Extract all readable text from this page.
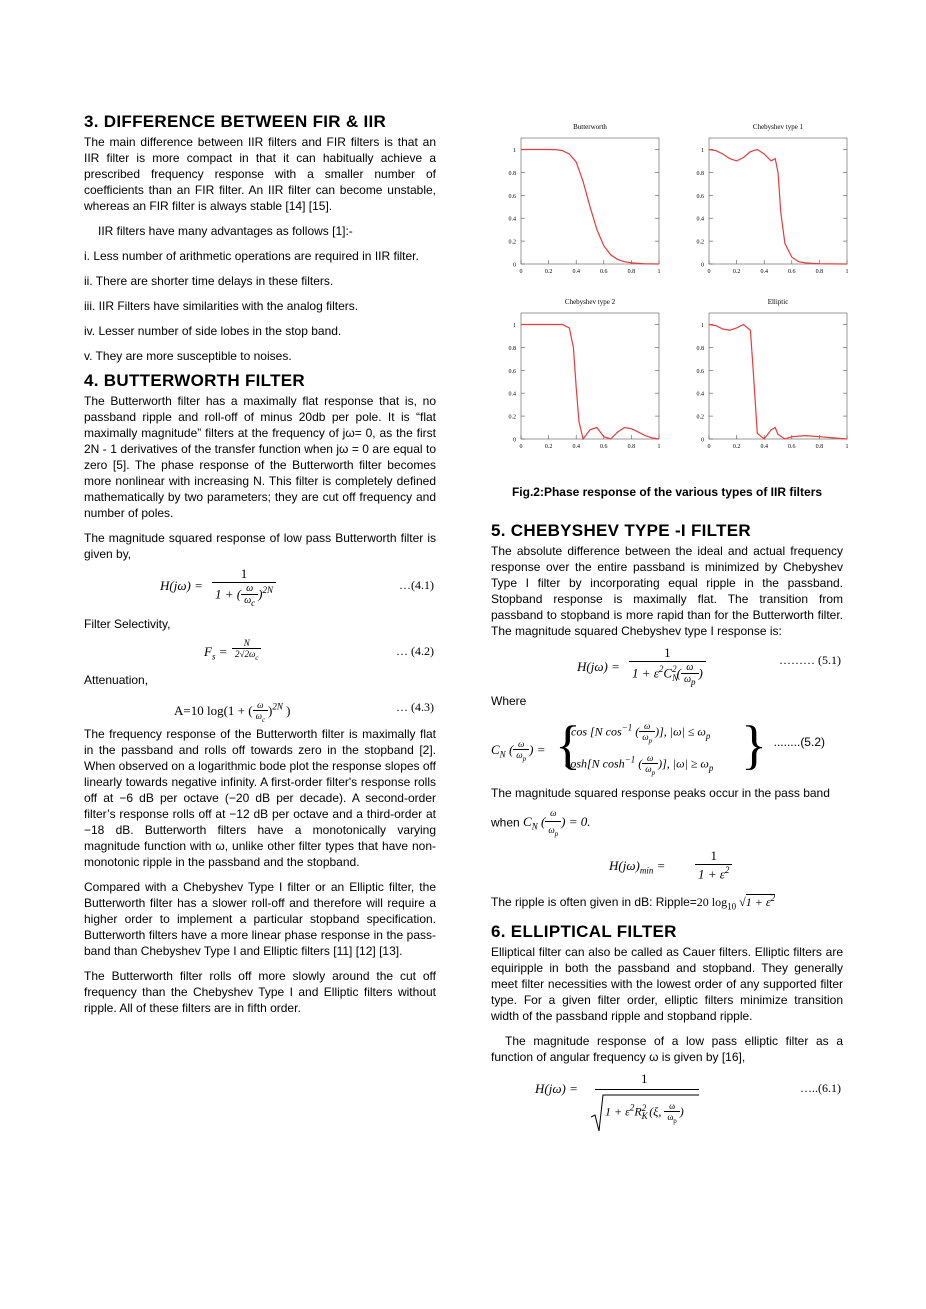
3. DIFFERENCE BETWEEN FIR & IIR

The main difference between IIR filters and FIR filters is that an IIR filter is more compact in that it can habitually achieve a prescribed frequency response with a smaller number of coefficients than an FIR filter. An IIR filter can become unstable, whereas an FIR filter is always stable [14] [15].

IIR filters have many advantages as follows [1]:-

i. Less number of arithmetic operations are required in IIR filter.

ii. There are shorter time delays in these filters.

iii. IIR Filters have similarities with the analog filters.

iv. Lesser number of side lobes in the stop band.

v. They are more susceptible to noises.

4. BUTTERWORTH FILTER

The Butterworth filter has a maximally flat response that is, no passband ripple and roll-off of minus 20db per pole. It is “flat maximally magnitude” filters at the frequency of jω= 0, as the first 2N - 1 derivatives of the transfer function when jω = 0 are equal to zero [5]. The phase response of the Butterworth filter becomes more nonlinear with increasing N. This filter is completely defined mathematically by two parameters; they are cut off frequency and number of poles.

The magnitude squared response of low pass Butterworth filter is given by,

H(jω) =
1
1 + ( $\frac{\omega}{\omega_c} )^{2N}$	…(4.1)

Filter Selectivity,

$F_s = \frac{N}{2√2\omega_c}$	… (4.2)

Attenuation,

A=10 log(1 + ( $\frac{\omega}{\omega_c} )^{2N}$ )	… (4.3)

The frequency response of the Butterworth filter is maximally flat in the passband and rolls off towards zero in the stopband [2]. When observed on a logarithmic bode plot the response slopes off linearly towards negative infinity. A first-order filter's response rolls off at −6 dB per octave (−20 dB per decade). A second-order filter’s response rolls off at −12 dB per octave and a third-order at −18 dB. Butterworth filters have a monotonically varying magnitude function with ω, unlike other filter types that have non-monotonic ripple in the passband and the stopband.

Compared with a Chebyshev Type I filter or an Elliptic filter, the Butterworth filter has a slower roll-off and therefore will require a higher order to implement a particular stopband specification. Butterworth filters have a more linear phase response in the pass-band than Chebyshev Type I and Elliptic filters [11] [12] [13].

The Butterworth filter rolls off more slowly around the cut off frequency than the Chebyshev Type I and Elliptic filters without ripple. All of these filters are in fifth order.

Butterworth
0
0.2
0.4
0.6
0.8
1
0	0.2	0.4	0.6	0.8	1
Chebyshev type 1
0
0.2
0.4
0.6
0.8
1
0	0.2	0.4	0.6	0.8	1
Chebyshev type 2
0
0.2
0.4
0.6
0.8
1
0	0.2	0.4	0.6	0.8	1
Elliptic
0
0.2
0.4
0.6
0.8
1
0	0.2	0.4	0.6	0.8	1

Fig.2:Phase response of the various types of IIR filters

5. CHEBYSHEV TYPE -I FILTER

The absolute difference between the ideal and actual frequency response over the entire passband is minimized by Chebyshev Type I filter by incorporating equal ripple in the passband. Stopband response is maximally flat. The transition from passband to stopband is more rapid than for the Butterworth filter. The magnitude squared Chebyshev type I response is:

H(jω) =
1
$1 + \varepsilon^2C_N^2( \frac{\omega}{\omega_p}$ )
……… (5.1)

Where

$C_N$ ( $\frac{\omega}{\omega_p}$ ) = {
cos [N $\cos^{-1}$ ( $\frac{\omega}{\omega_p}$ )], $|\omega| \le \omega_p$
cosh[N $\cosh^{-1}$ ( $\frac{\omega}{\omega_p}$ )], $|\omega| \ge \omega_p$ } ........(5.2)

The magnitude squared response peaks occur in the pass band

when $C_N$ ( $\frac{\omega}{\omega_p}$ ) = 0.

$H(j\omega)_{min} = \frac{1}{1 + \varepsilon^2}$

The ripple is often given in dB: Ripple=20 $\log_{10} √1 + \varepsilon^2$

6. ELLIPTICAL FILTER

Elliptical filter can also be called as Cauer filters. Elliptic filters are equiripple in both the passband and stopband. They generally meet filter necessities with the lowest order of any supported filter type. For a given filter order, elliptic filters minimize transition width of the passband ripple and stopband ripple.

The magnitude response of a low pass elliptic filter as a function of angular frequency ω is given by [16],

H(jω) =
1
$1 + \varepsilon^2R_K^2$ (ξ, $\frac{\omega}{\omega_p}$ )
…..(6.1)
